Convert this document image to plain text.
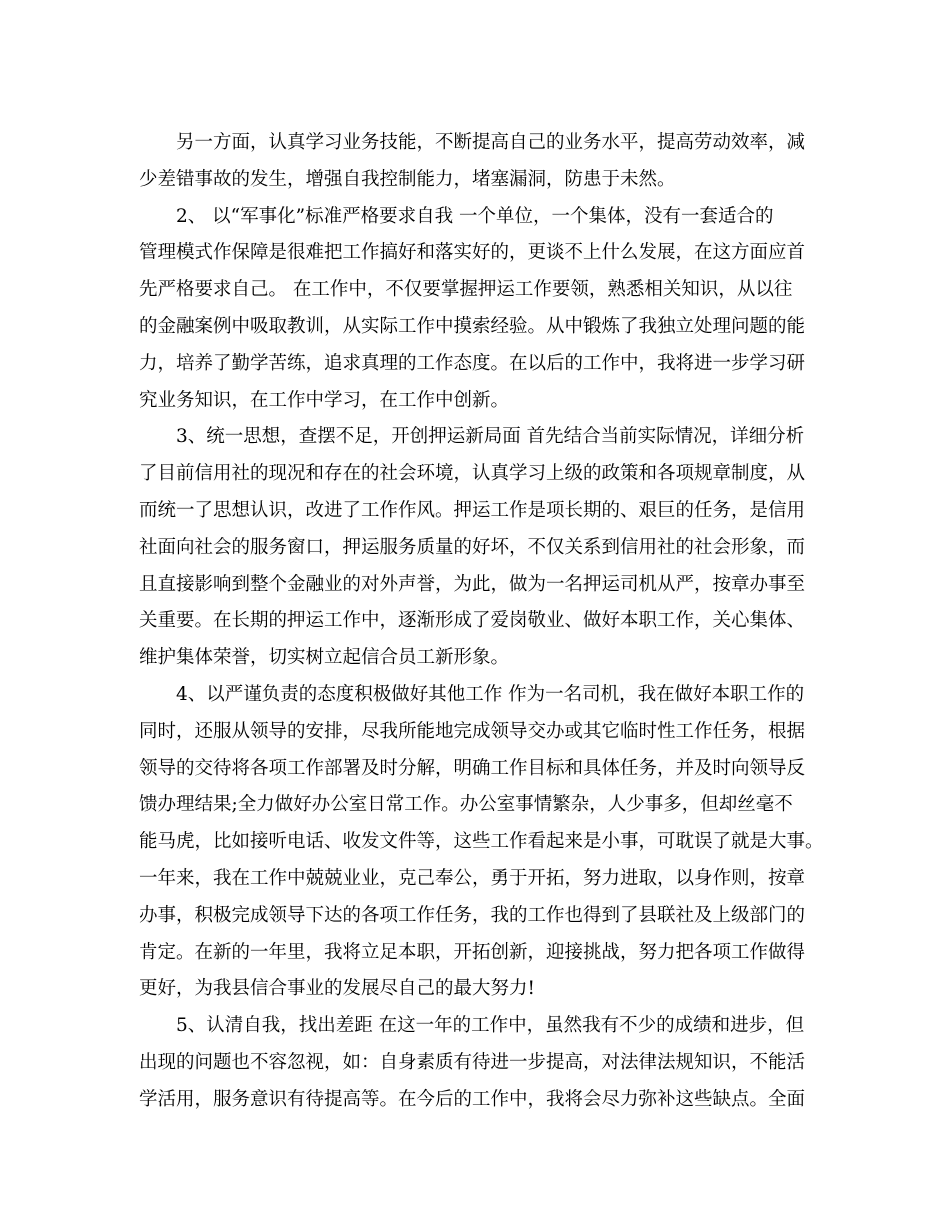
另一方面，认真学习业务技能，不断提高自己的业务水平，提高劳动效率，减
少差错事故的发生，增强自我控制能力，堵塞漏洞，防患于未然。
2、 以“军事化”标准严格要求自我 一个单位，一个集体，没有一套适合的
管理模式作保障是很难把工作搞好和落实好的，更谈不上什么发展，在这方面应首
先严格要求自己。 在工作中，不仅要掌握押运工作要领，熟悉相关知识，从以往
的金融案例中吸取教训，从实际工作中摸索经验。从中锻炼了我独立处理问题的能
力，培养了勤学苦练，追求真理的工作态度。在以后的工作中，我将进一步学习研
究业务知识，在工作中学习，在工作中创新。
3、统一思想，查摆不足，开创押运新局面 首先结合当前实际情况，详细分析
了目前信用社的现况和存在的社会环境，认真学习上级的政策和各项规章制度，从
而统一了思想认识，改进了工作作风。押运工作是项长期的、艰巨的任务，是信用
社面向社会的服务窗口，押运服务质量的好坏，不仅关系到信用社的社会形象，而
且直接影响到整个金融业的对外声誉，为此，做为一名押运司机从严，按章办事至
关重要。在长期的押运工作中，逐渐形成了爱岗敬业、做好本职工作，关心集体、
维护集体荣誉，切实树立起信合员工新形象。
4、以严谨负责的态度积极做好其他工作 作为一名司机，我在做好本职工作的
同时，还服从领导的安排，尽我所能地完成领导交办或其它临时性工作任务，根据
领导的交待将各项工作部署及时分解，明确工作目标和具体任务，并及时向领导反
馈办理结果;全力做好办公室日常工作。办公室事情繁杂，人少事多，但却丝毫不
能马虎，比如接听电话、收发文件等，这些工作看起来是小事，可耽误了就是大事。
一年来，我在工作中兢兢业业，克己奉公，勇于开拓，努力进取，以身作则，按章
办事，积极完成领导下达的各项工作任务，我的工作也得到了县联社及上级部门的
肯定。在新的一年里，我将立足本职，开拓创新，迎接挑战，努力把各项工作做得
更好，为我县信合事业的发展尽自己的最大努力!
5、认清自我，找出差距 在这一年的工作中，虽然我有不少的成绩和进步，但
出现的问题也不容忽视，如：自身素质有待进一步提高，对法律法规知识，不能活
学活用，服务意识有待提高等。在今后的工作中，我将会尽力弥补这些缺点。全面
